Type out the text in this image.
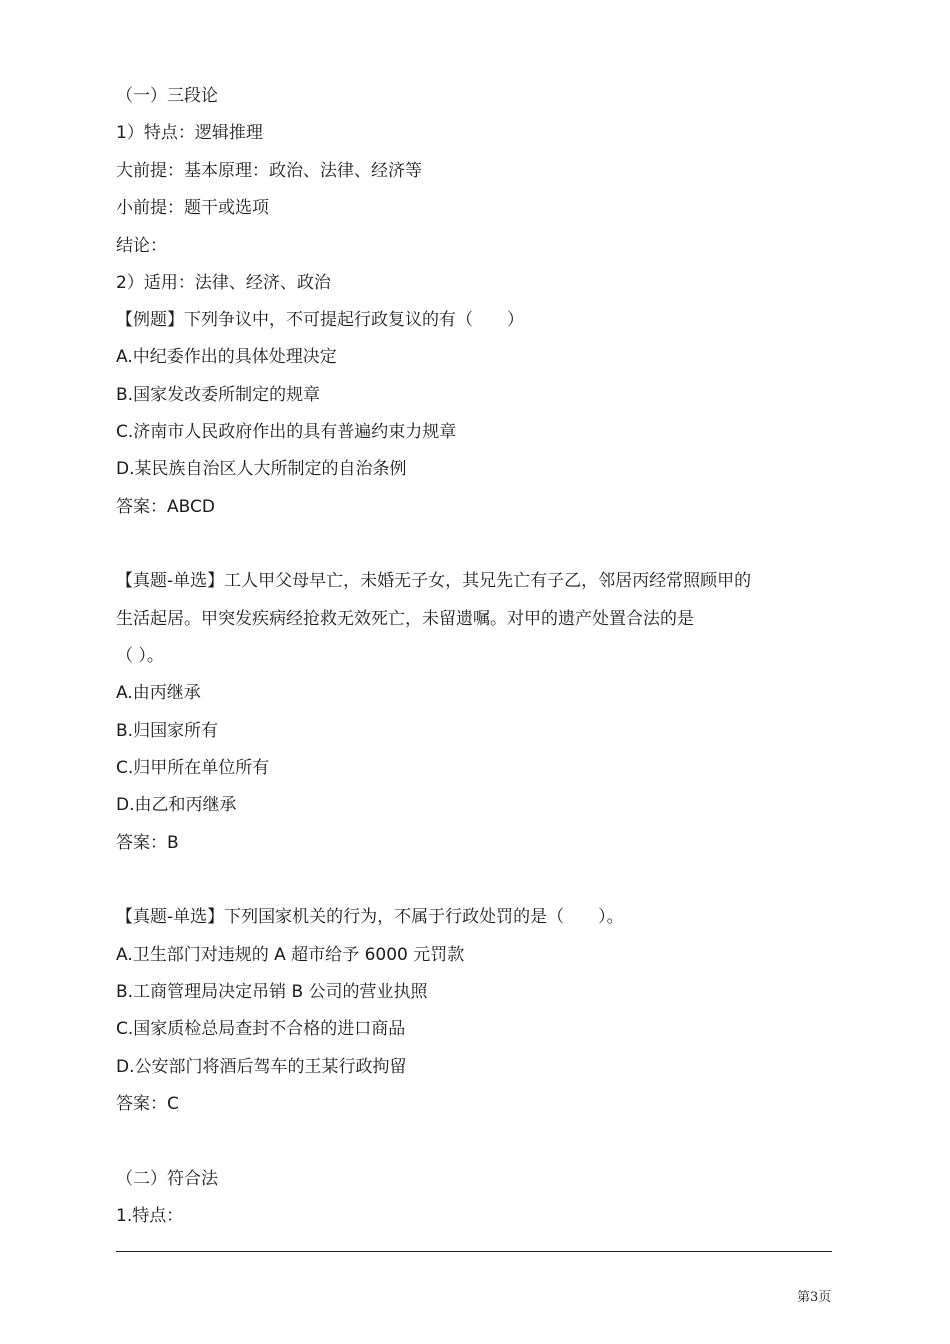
（一）三段论
1）特点：逻辑推理
大前提：基本原理：政治、法律、经济等
小前提：题干或选项
结论：
2）适用：法律、经济、政治
【例题】下列争议中，不可提起行政复议的有（　　）
A.中纪委作出的具体处理决定
B.国家发改委所制定的规章
C.济南市人民政府作出的具有普遍约束力规章
D.某民族自治区人大所制定的自治条例
答案：ABCD
【真题-单选】工人甲父母早亡，未婚无子女，其兄先亡有子乙，邻居丙经常照顾甲的
生活起居。甲突发疾病经抢救无效死亡，未留遗嘱。对甲的遗产处置合法的是
（ ）。
A.由丙继承
B.归国家所有
C.归甲所在单位所有
D.由乙和丙继承
答案：B
【真题-单选】下列国家机关的行为，不属于行政处罚的是（　　）。
A.卫生部门对违规的 A 超市给予 6000 元罚款
B.工商管理局决定吊销 B 公司的营业执照
C.国家质检总局查封不合格的进口商品
D.公安部门将酒后驾车的王某行政拘留
答案：C
（二）符合法
1.特点：
第3页
